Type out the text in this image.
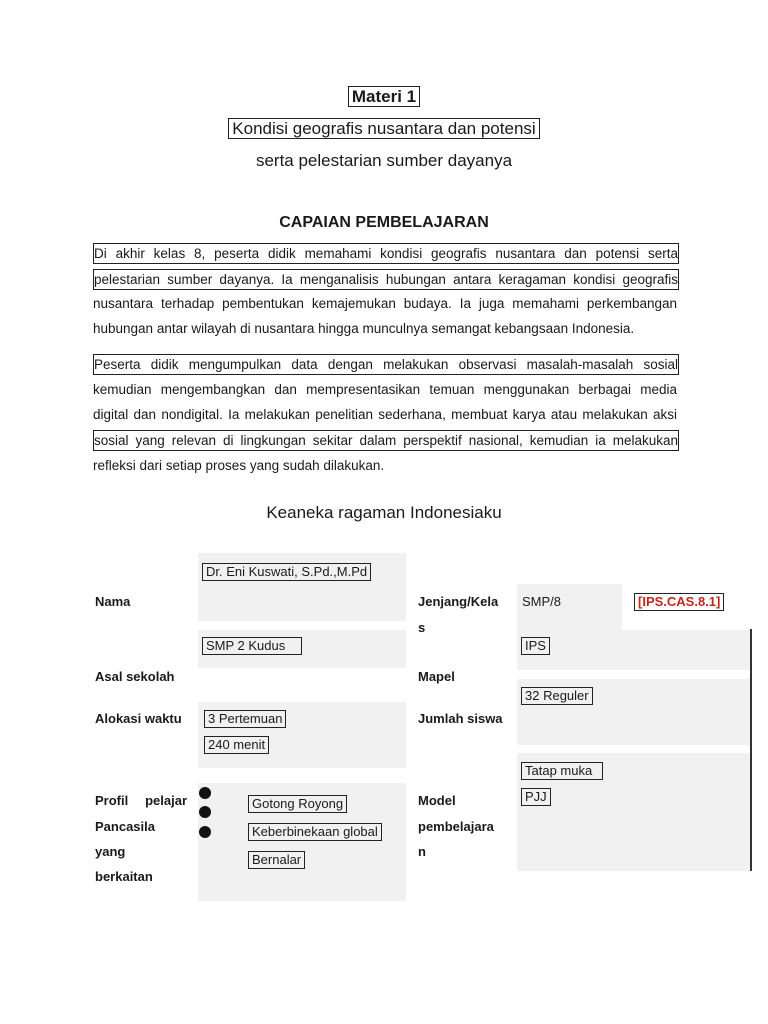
Materi 1
Kondisi geografis nusantara dan potensi
serta pelestarian sumber dayanya
CAPAIAN PEMBELAJARAN
Di akhir kelas 8, peserta didik memahami kondisi geografis nusantara dan potensi serta
pelestarian sumber dayanya. Ia menganalisis hubungan antara keragaman kondisi geografis
nusantara terhadap pembentukan kemajemukan budaya. Ia juga memahami perkembangan
hubungan antar wilayah di nusantara hingga munculnya semangat kebangsaan Indonesia.
Peserta didik mengumpulkan data dengan melakukan observasi masalah-masalah sosial
kemudian mengembangkan dan mempresentasikan temuan menggunakan berbagai media
digital dan nondigital. Ia melakukan penelitian sederhana, membuat karya atau melakukan aksi
sosial yang relevan di lingkungan sekitar dalam perspektif nasional, kemudian ia melakukan
refleksi dari setiap proses yang sudah dilakukan.
Keaneka ragaman Indonesiaku
Nama
Asal sekolah
Alokasi waktu
Profil pelajar
Pancasila
yang
berkaitan
Dr. Eni Kuswati, S.Pd.,M.Pd
SMP 2 Kudus
3 Pertemuan
240 menit
Gotong Royong
Keberbinekaan global
Bernalar
Jenjang/Kela
s
Mapel
Jumlah siswa
Model
pembelajara
n
SMP/8	[IPS.CAS.8.1]
IPS
32 Reguler
Tatap muka
PJJ
